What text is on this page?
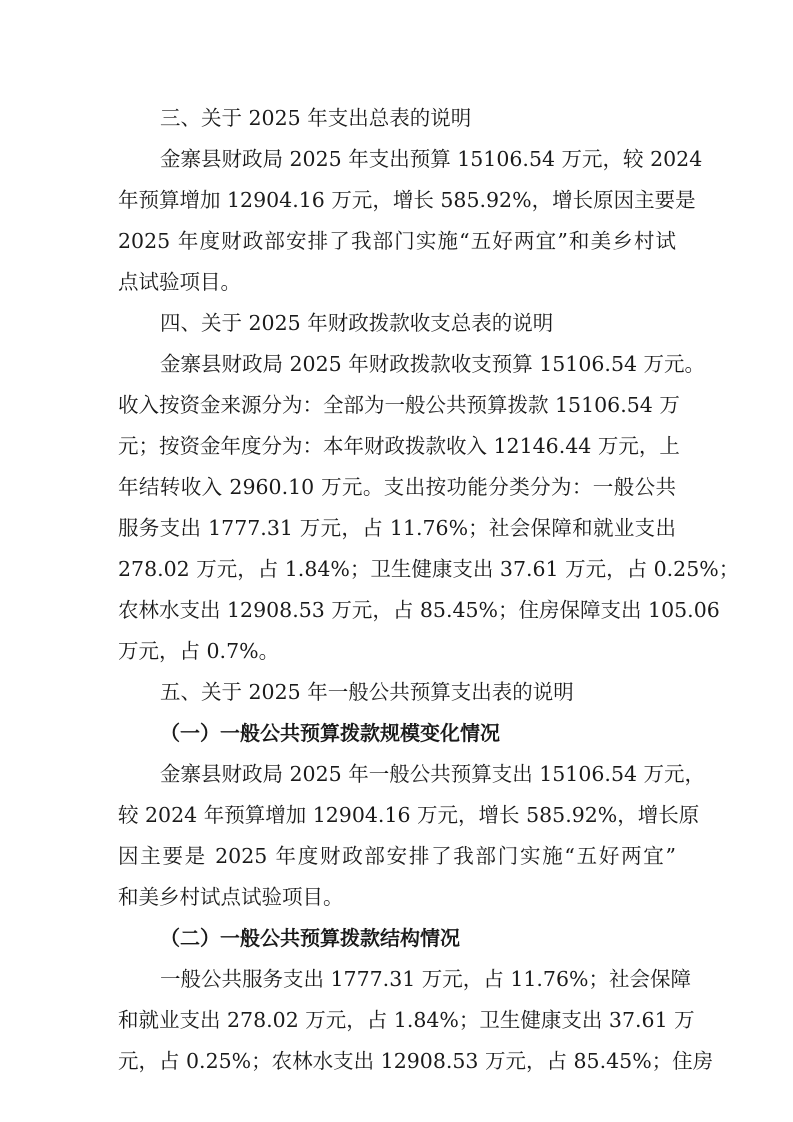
三、关于 2025 年支出总表的说明
金寨县财政局 2025 年支出预算 15106.54 万元，较 2024
年预算增加 12904.16 万元，增长 585.92%，增长原因主要是
2025 年度财政部安排了我部门实施“五好两宜”和美乡村试
点试验项目。
四、关于 2025 年财政拨款收支总表的说明
金寨县财政局 2025 年财政拨款收支预算 15106.54 万元。
收入按资金来源分为：全部为一般公共预算拨款 15106.54 万
元；按资金年度分为：本年财政拨款收入 12146.44 万元，上
年结转收入 2960.10 万元。支出按功能分类分为：一般公共
服务支出 1777.31 万元，占 11.76%；社会保障和就业支出
278.02 万元，占 1.84%；卫生健康支出 37.61 万元，占 0.25%；
农林水支出 12908.53 万元，占 85.45%；住房保障支出 105.06
万元，占 0.7%。
五、关于 2025 年一般公共预算支出表的说明
（一）一般公共预算拨款规模变化情况
金寨县财政局 2025 年一般公共预算支出 15106.54 万元，
较 2024 年预算增加 12904.16 万元，增长 585.92%，增长原
因主要是 2025 年度财政部安排了我部门实施“五好两宜”
和美乡村试点试验项目。
（二）一般公共预算拨款结构情况
一般公共服务支出 1777.31 万元，占 11.76%；社会保障
和就业支出 278.02 万元，占 1.84%；卫生健康支出 37.61 万
元，占 0.25%；农林水支出 12908.53 万元，占 85.45%；住房
